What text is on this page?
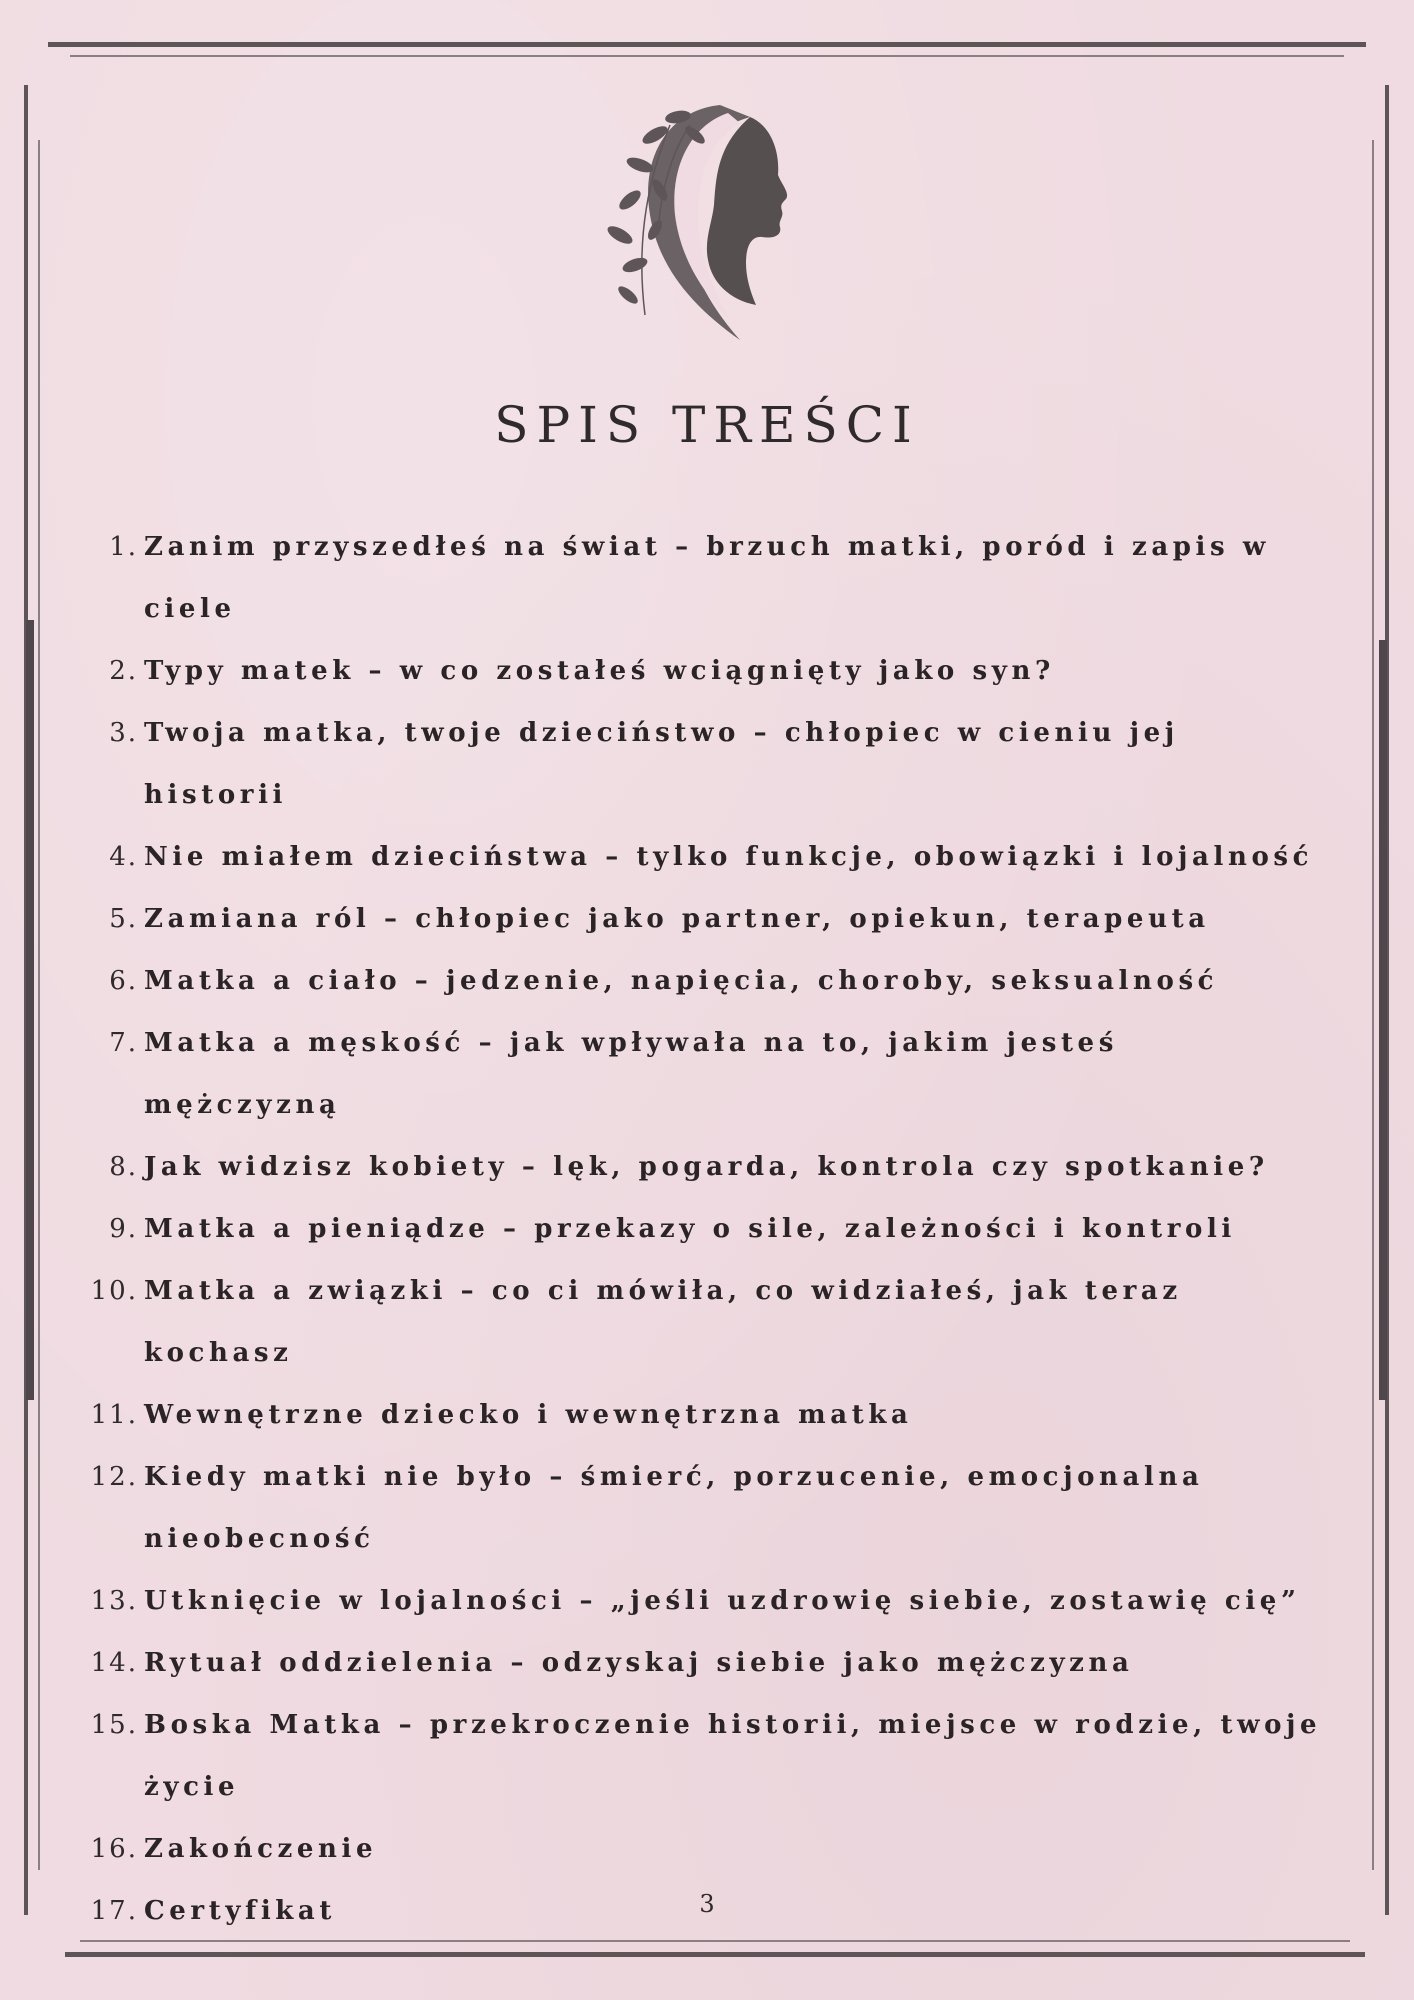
SPIS TREŚCI
1. Zanim przyszedłeś na świat – brzuch matki, poród i zapis w ciele
2. Typy matek – w co zostałeś wciągnięty jako syn?
3. Twoja matka, twoje dzieciństwo – chłopiec w cieniu jej historii
4. Nie miałem dzieciństwa – tylko funkcje, obowiązki i lojalność
5. Zamiana ról – chłopiec jako partner, opiekun, terapeuta
6. Matka a ciało – jedzenie, napięcia, choroby, seksualność
7. Matka a męskość – jak wpływała na to, jakim jesteś mężczyzną
8. Jak widzisz kobiety – lęk, pogarda, kontrola czy spotkanie?
9. Matka a pieniądze – przekazy o sile, zależności i kontroli
10. Matka a związki – co ci mówiła, co widziałeś, jak teraz kochasz
11. Wewnętrzne dziecko i wewnętrzna matka
12. Kiedy matki nie było – śmierć, porzucenie, emocjonalna nieobecność
13. Utknięcie w lojalności – „jeśli uzdrowię siebie, zostawię cię”
14. Rytuał oddzielenia – odzyskaj siebie jako mężczyzna
15. Boska Matka – przekroczenie historii, miejsce w rodzie, twoje życie
16. Zakończenie
17. Certyfikat	3
